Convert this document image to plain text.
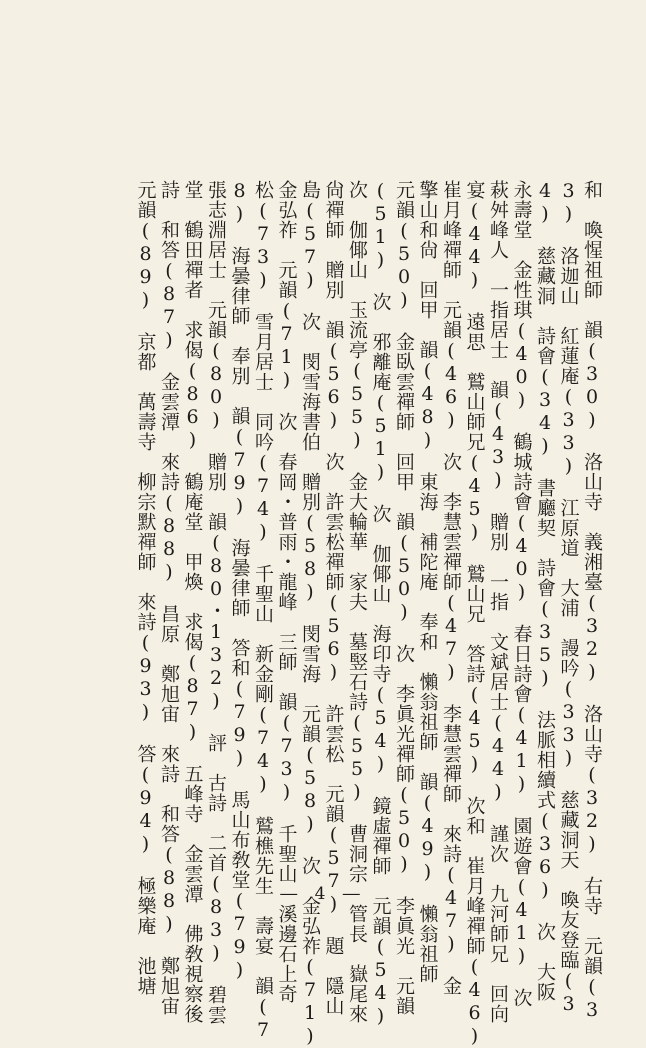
和　喚惺祖師　韻(30)　洛山寺　義湘臺(32)　洛山寺(32)　右寺　元韻(3
3)　洛迦山　紅蓮庵(33)　江原道　大浦　謾吟(33)　慈藏洞天　喚友登臨(3
4)　慈藏洞　詩會(34)　書廳契　詩會(35)　法脈相續式(36)　次　大阪
永壽堂　金性琪(40)　鶴城詩會(40)　春日詩會(41)　園遊會(41)　次
萩舛峰人　一指居士　韻(43)　贈別　一指　文斌居士(44)　謹次　九河師兄　回向
宴(44)　遠思　鷲山師兄(45)　鷲山兄　答詩(45)　次和　崔月峰禪師(46)
崔月峰禪師　元韻(46)　次　李慧雲禪師(47)　李慧雲禪師　來詩(47)　金
擎山和尙　回甲　韻(48)　東海　補陀庵　奉和　懶翁祖師　韻(49)　懶翁祖師
元韻(50)　金臥雲禪師　回甲　韻(50)　次　李眞光禪師(50)　李眞光　元韻
(51)　次　邪離庵(51)　次　伽倻山　海印寺(54)　鏡虛禪師　元韻(54)
次　伽倻山　玉流亭(55)　金大輪華　家夫　墓竪石詩(55)　曹洞宗　管長　嶽尾來
尙禪師　贈別　韻(56)　次　許雲松禪師(56)　許雲松　元韻(57)　題　隱山
島(57)　次　閔雪海書伯　贈別(58)　閔雪海　元韻(58)　次　金弘祚(71)
金弘祚　元韻(71)　次　春岡・普雨・龍峰　三師　韻(73)　千聖山　溪邊石上奇
松(73)　雪月居士　同吟(74)　千聖山　新金剛(74)　鷲樵先生　壽宴　韻(7
8)　海曇律師　奉別　韻(79)　海曇律師　答和(79)　馬山布敎堂(79)
張志淵居士　元韻(80)　贈別　韻(80・132)　評　古詩　二首(83)　碧雲
堂　鶴田禪者　求偈(86)　鶴庵堂　甲煥　求偈(87)　五峰寺　金雲潭　佛敎視察後
詩　和答(87)　金雲潭　來詩(88)　昌原　鄭旭宙　來詩　和答(88)　鄭旭宙
元韻(89)　京都　萬壽寺　柳宗默禪師　來詩(93)　答(94)　極樂庵　池塘	― 4 ―
